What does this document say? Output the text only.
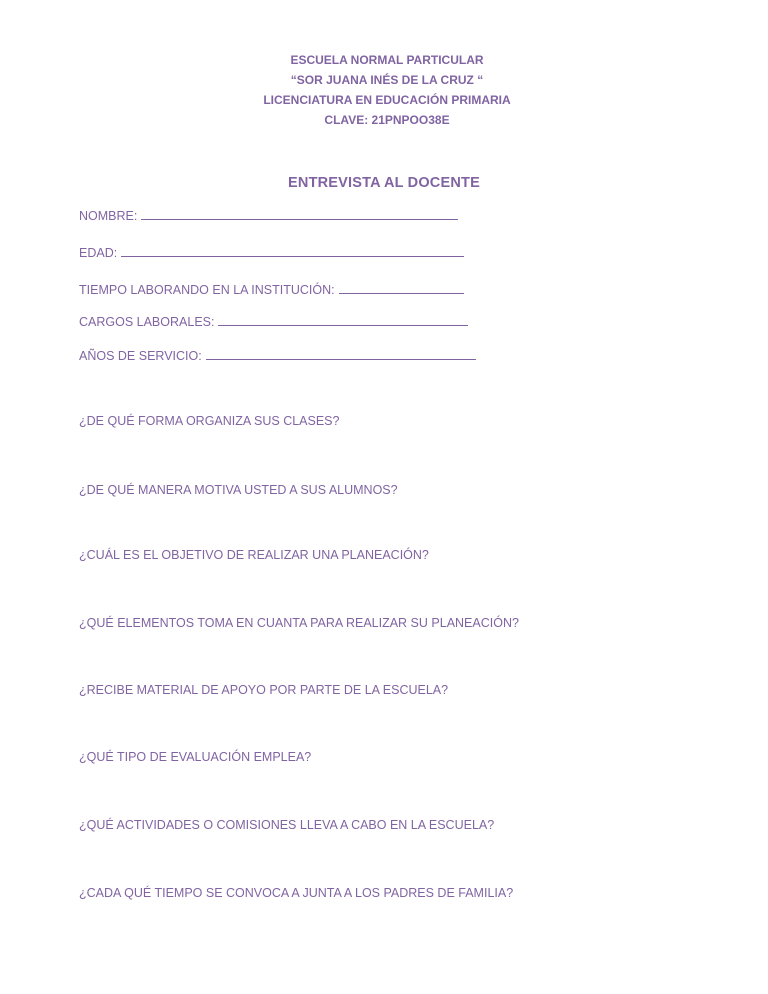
ESCUELA NORMAL PARTICULAR
“SOR JUANA INÉS DE LA CRUZ “
LICENCIATURA EN EDUCACIÓN PRIMARIA
CLAVE: 21PNPOO38E
ENTREVISTA AL DOCENTE
NOMBRE:
EDAD:
TIEMPO LABORANDO EN LA INSTITUCIÓN:
CARGOS LABORALES:
AÑOS DE SERVICIO:
¿DE QUÉ FORMA ORGANIZA SUS CLASES?
¿DE QUÉ MANERA MOTIVA USTED A SUS ALUMNOS?
¿CUÁL ES EL OBJETIVO DE REALIZAR UNA PLANEACIÓN?
¿QUÉ ELEMENTOS TOMA EN CUANTA PARA REALIZAR SU PLANEACIÓN?
¿RECIBE MATERIAL DE APOYO POR PARTE DE LA ESCUELA?
¿QUÉ TIPO DE EVALUACIÓN EMPLEA?
¿QUÉ ACTIVIDADES O COMISIONES LLEVA A CABO EN LA ESCUELA?
¿CADA QUÉ TIEMPO SE CONVOCA A JUNTA A LOS PADRES DE FAMILIA?
